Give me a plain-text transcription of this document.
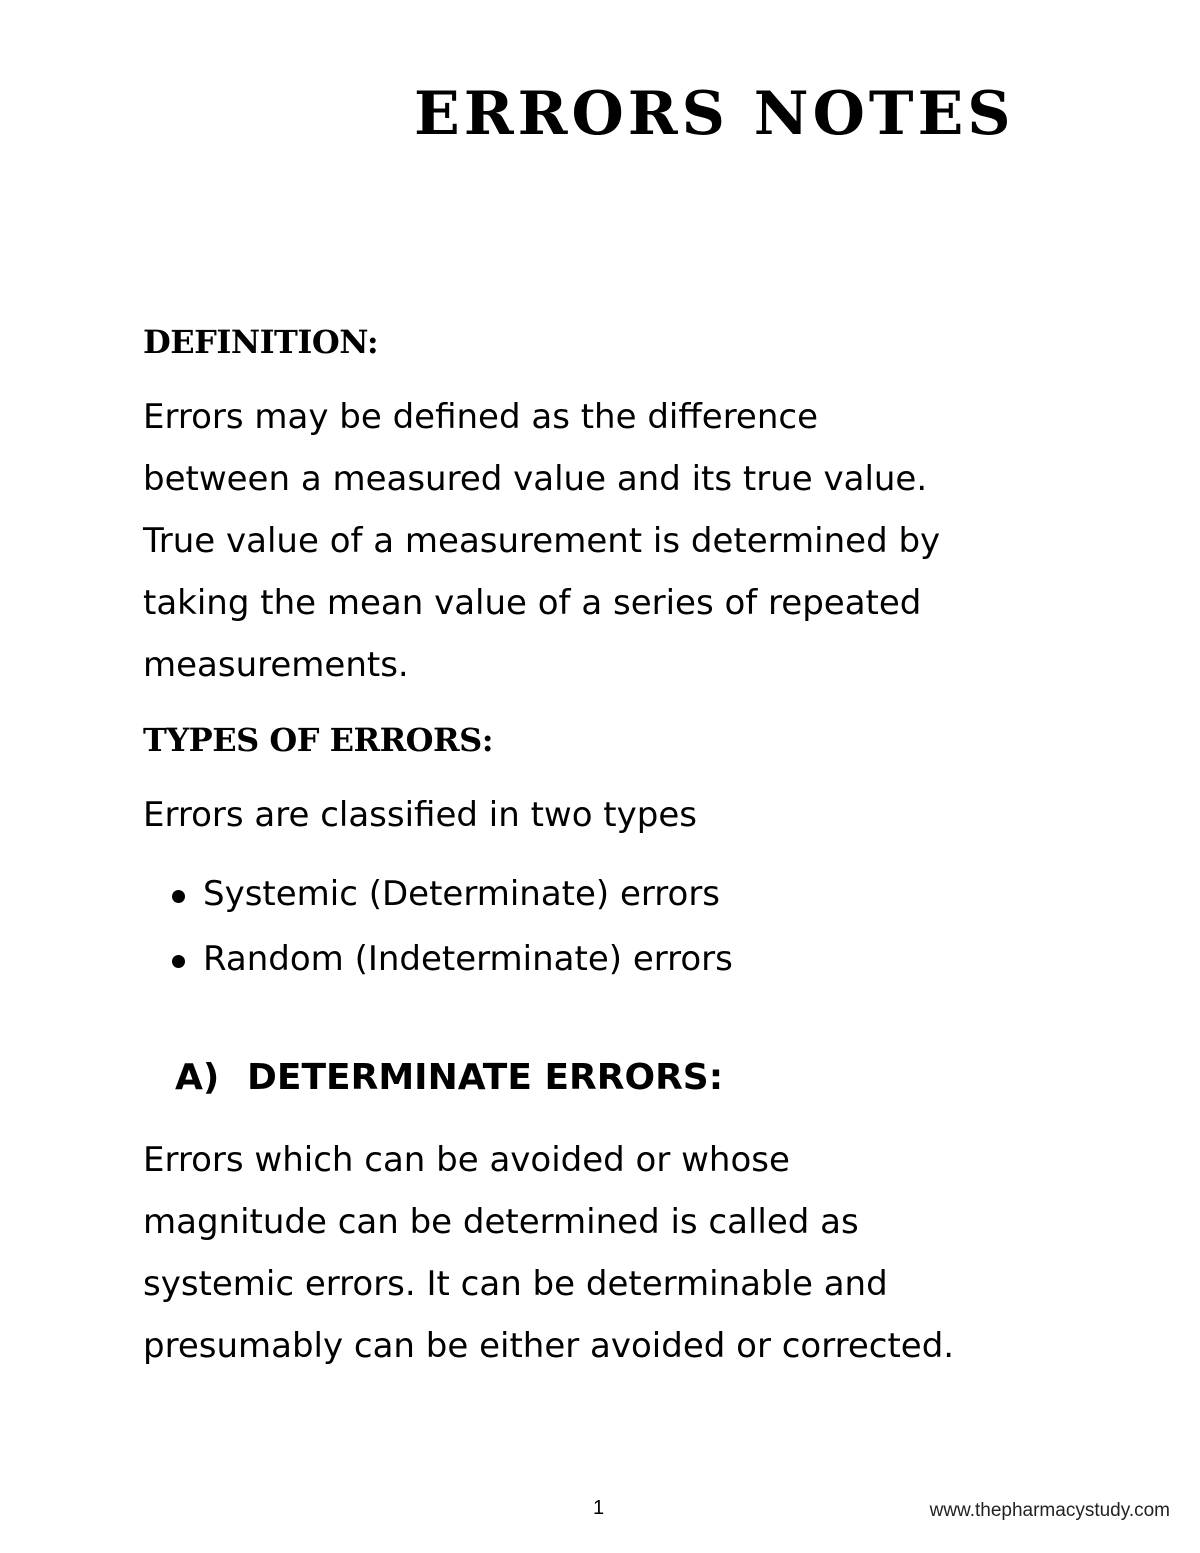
ERRORS NOTES
DEFINITION:
Errors may be defined as the difference
between a measured value and its true value.
True value of a measurement is determined by
taking the mean value of a series of repeated
measurements.
TYPES OF ERRORS:
Errors are classified in two types
Systemic (Determinate) errors
Random (Indeterminate) errors
A) DETERMINATE ERRORS:
Errors which can be avoided or whose
magnitude can be determined is called as
systemic errors. It can be determinable and
presumably can be either avoided or corrected.
1	www.thepharmacystudy.com
